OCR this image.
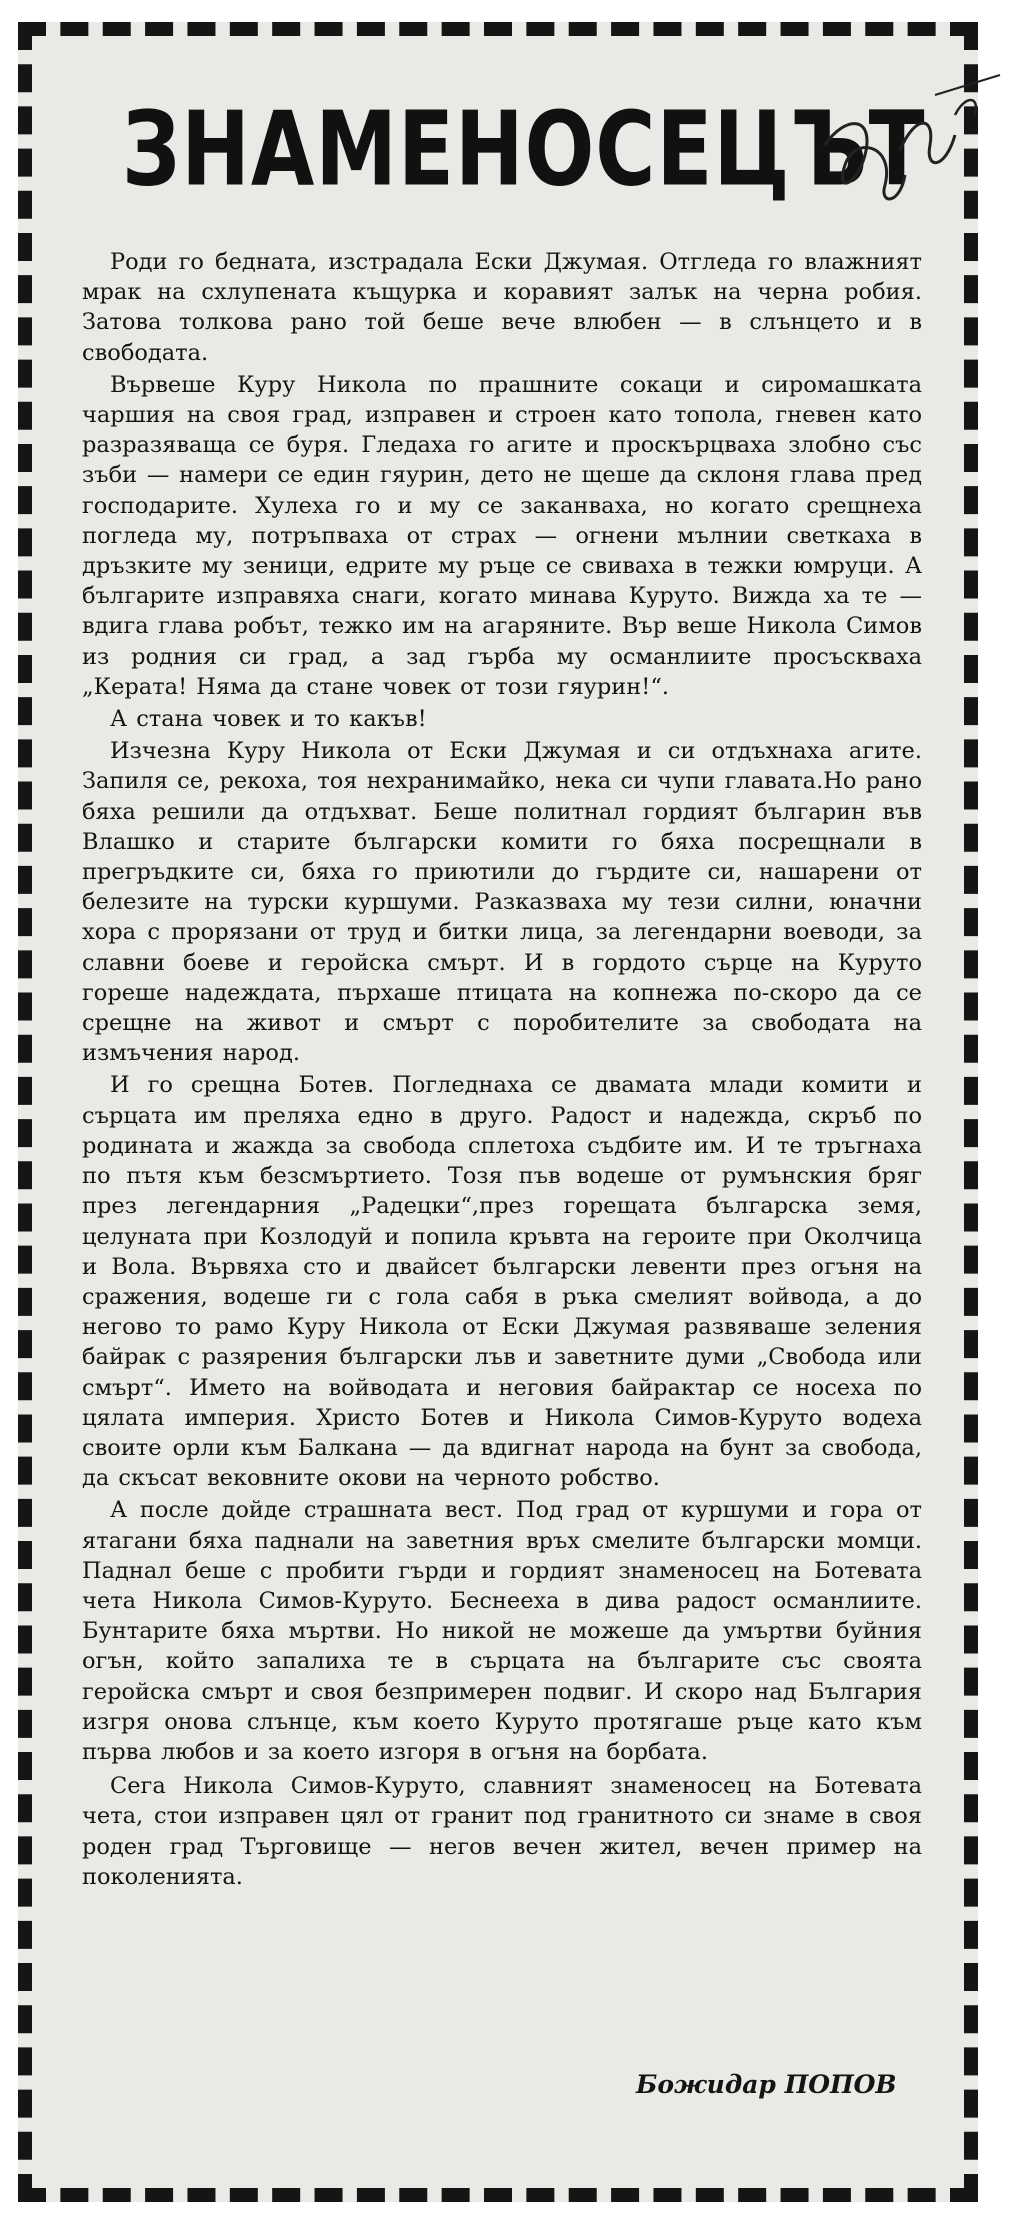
ЗНАМЕНОСЕЦЪТ

Роди го бедната, изстрадала Ески Джумая. Отгледа го влажният мрак на схлупената къщурка и коравият залък на черна робия. Затова толкова рано той беше вече влюбен — в слънцето и в свободата.

Вървеше Куру Никола по прашните сокаци и сиромашката чаршия на своя град, изправен и строен като топола, гневен като разразяваща се буря. Гледаха го агите и проскърцваха злобно със зъби — намери се един гяурин, дето не щеше да склоня глава пред господарите. Хулеха го и му се заканваха, но когато срещнеха погледа му, потръпваха от страх — огнени мълнии светкаха в дръзките му зеници, едрите му ръце се свиваха в тежки юмруци. А българите изправяха снаги, когато минава Курутo. Вижда ха те — вдига глава робът, тежко им на агаряните. Вър веше Никола Симов из родния си град, а зад гърба му османлиите просъскваха „Керата! Няма да стане човек от този гяурин!“.

А стана човек и то какъв!

Изчезна Куру Никола от Ески Джумая и си отдъхнаха агите. Запиля се, рекоха, тоя нехранимайко, нека си чупи главата.Но рано бяха решили да отдъхват. Беше политнал гордият българин във Влашко и старите български комити го бяха посрещнали в прегръдките си, бяха го приютили до гърдите си, нашарени от белезите на турски куршуми. Разказваха му тези силни, юначни хора с прорязани от труд и битки лица, за легендарни воеводи, за славни боеве и геройска смърт. И в гордото сърце на Курутo гореше надеждата, пърхаше птицата на копнежа по-скоро да се срещне на живот и смърт с поробителите за свободата на измъчения народ.

И го срещна Ботев. Погледнаха се двамата млади комити и сърцата им преляха едно в друго. Радост и надежда, скръб по родината и жажда за свобода сплетоха съдбите им. И те тръгнаха по пътя към безсмъртието. Тозя пъв водеше от румънския бряг през легендарния „Радецки“,през горещата българска земя, целуната при Козлодуй и попила кръвта на героите при Околчица и Вола. Вървяха сто и двайсет български левенти през огъня на сражения, водеше ги с гола сабя в ръка смелият войвода, а до негово то рамо Куру Никола от Ески Джумая развяваше зеления байрак с разярения български лъв и заветните думи „Свобода или смърт“. Името на войводата и неговия байрактар се носеха по цялата империя. Христо Ботев и Никола Симов-Курутo водеха своите орли към Балкана — да вдигнат народа на бунт за свобода, да скъсат вековните окови на черното робство.

А после дойде страшната вест. Под град от куршуми и гора от ятагани бяха паднали на заветния връх смелите български момци. Паднал беше с пробити гърди и гордият знаменосец на Ботевата чета Никола Симов-Курутo. Беснееха в дива радост османлиите. Бунтарите бяха мъртви. Но никой не можеше да умъртви буйния огън, който запалиха те в сърцата на българите със своята геройска смърт и своя безпримерен подвиг. И скоро над България изгря онова слънце, към което Курутo протягаше ръце като към първа любов и за което изгоря в огъня на борбата.

Сега Никола Симов-Курутo, славният знаменосец на Ботевата чета, стои изправен цял от гранит под гранитното си знаме в своя роден град Търговище — негов вечен жител, вечен пример на поколенията.

Божидар ПОПОВ
